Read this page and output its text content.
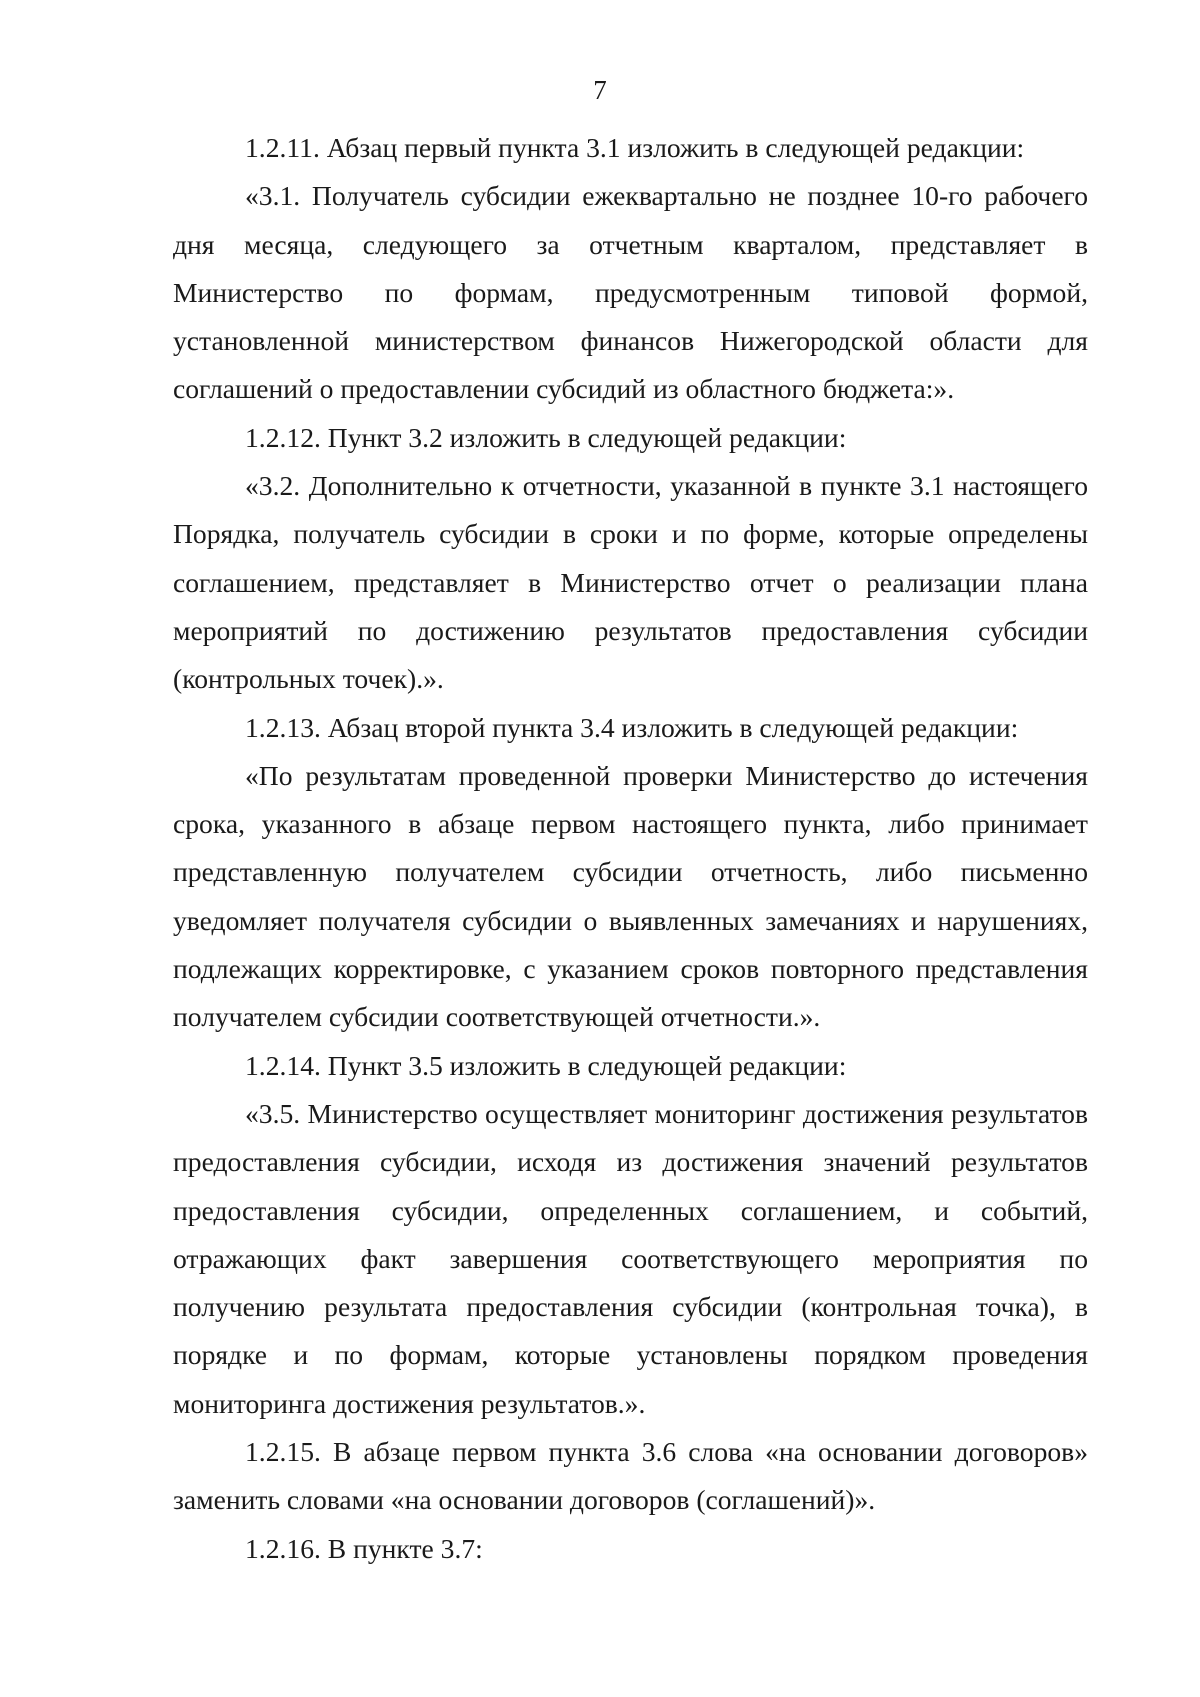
7

1.2.11. Абзац первый пункта 3.1 изложить в следующей редакции:

«3.1. Получатель субсидии ежеквартально не позднее 10-го рабочего дня месяца, следующего за отчетным кварталом, представляет в Министерство по формам, предусмотренным типовой формой, установленной министерством финансов Нижегородской области для соглашений о предоставлении субсидий из областного бюджета:».

1.2.12. Пункт 3.2 изложить в следующей редакции:

«3.2. Дополнительно к отчетности, указанной в пункте 3.1 настоящего Порядка, получатель субсидии в сроки и по форме, которые определены соглашением, представляет в Министерство отчет о реализации плана мероприятий по достижению результатов предоставления субсидии (контрольных точек).».

1.2.13. Абзац второй пункта 3.4 изложить в следующей редакции:

«По результатам проведенной проверки Министерство до истечения срока, указанного в абзаце первом настоящего пункта, либо принимает представленную получателем субсидии отчетность, либо письменно уведомляет получателя субсидии о выявленных замечаниях и нарушениях, подлежащих корректировке, с указанием сроков повторного представления получателем субсидии соответствующей отчетности.».

1.2.14. Пункт 3.5 изложить в следующей редакции:

«3.5. Министерство осуществляет мониторинг достижения результатов предоставления субсидии, исходя из достижения значений результатов предоставления субсидии, определенных соглашением, и событий, отражающих факт завершения соответствующего мероприятия по получению результата предоставления субсидии (контрольная точка), в порядке и по формам, которые установлены порядком проведения мониторинга достижения результатов.».

1.2.15. В абзаце первом пункта 3.6 слова «на основании договоров» заменить словами «на основании договоров (соглашений)».

1.2.16. В пункте 3.7:
